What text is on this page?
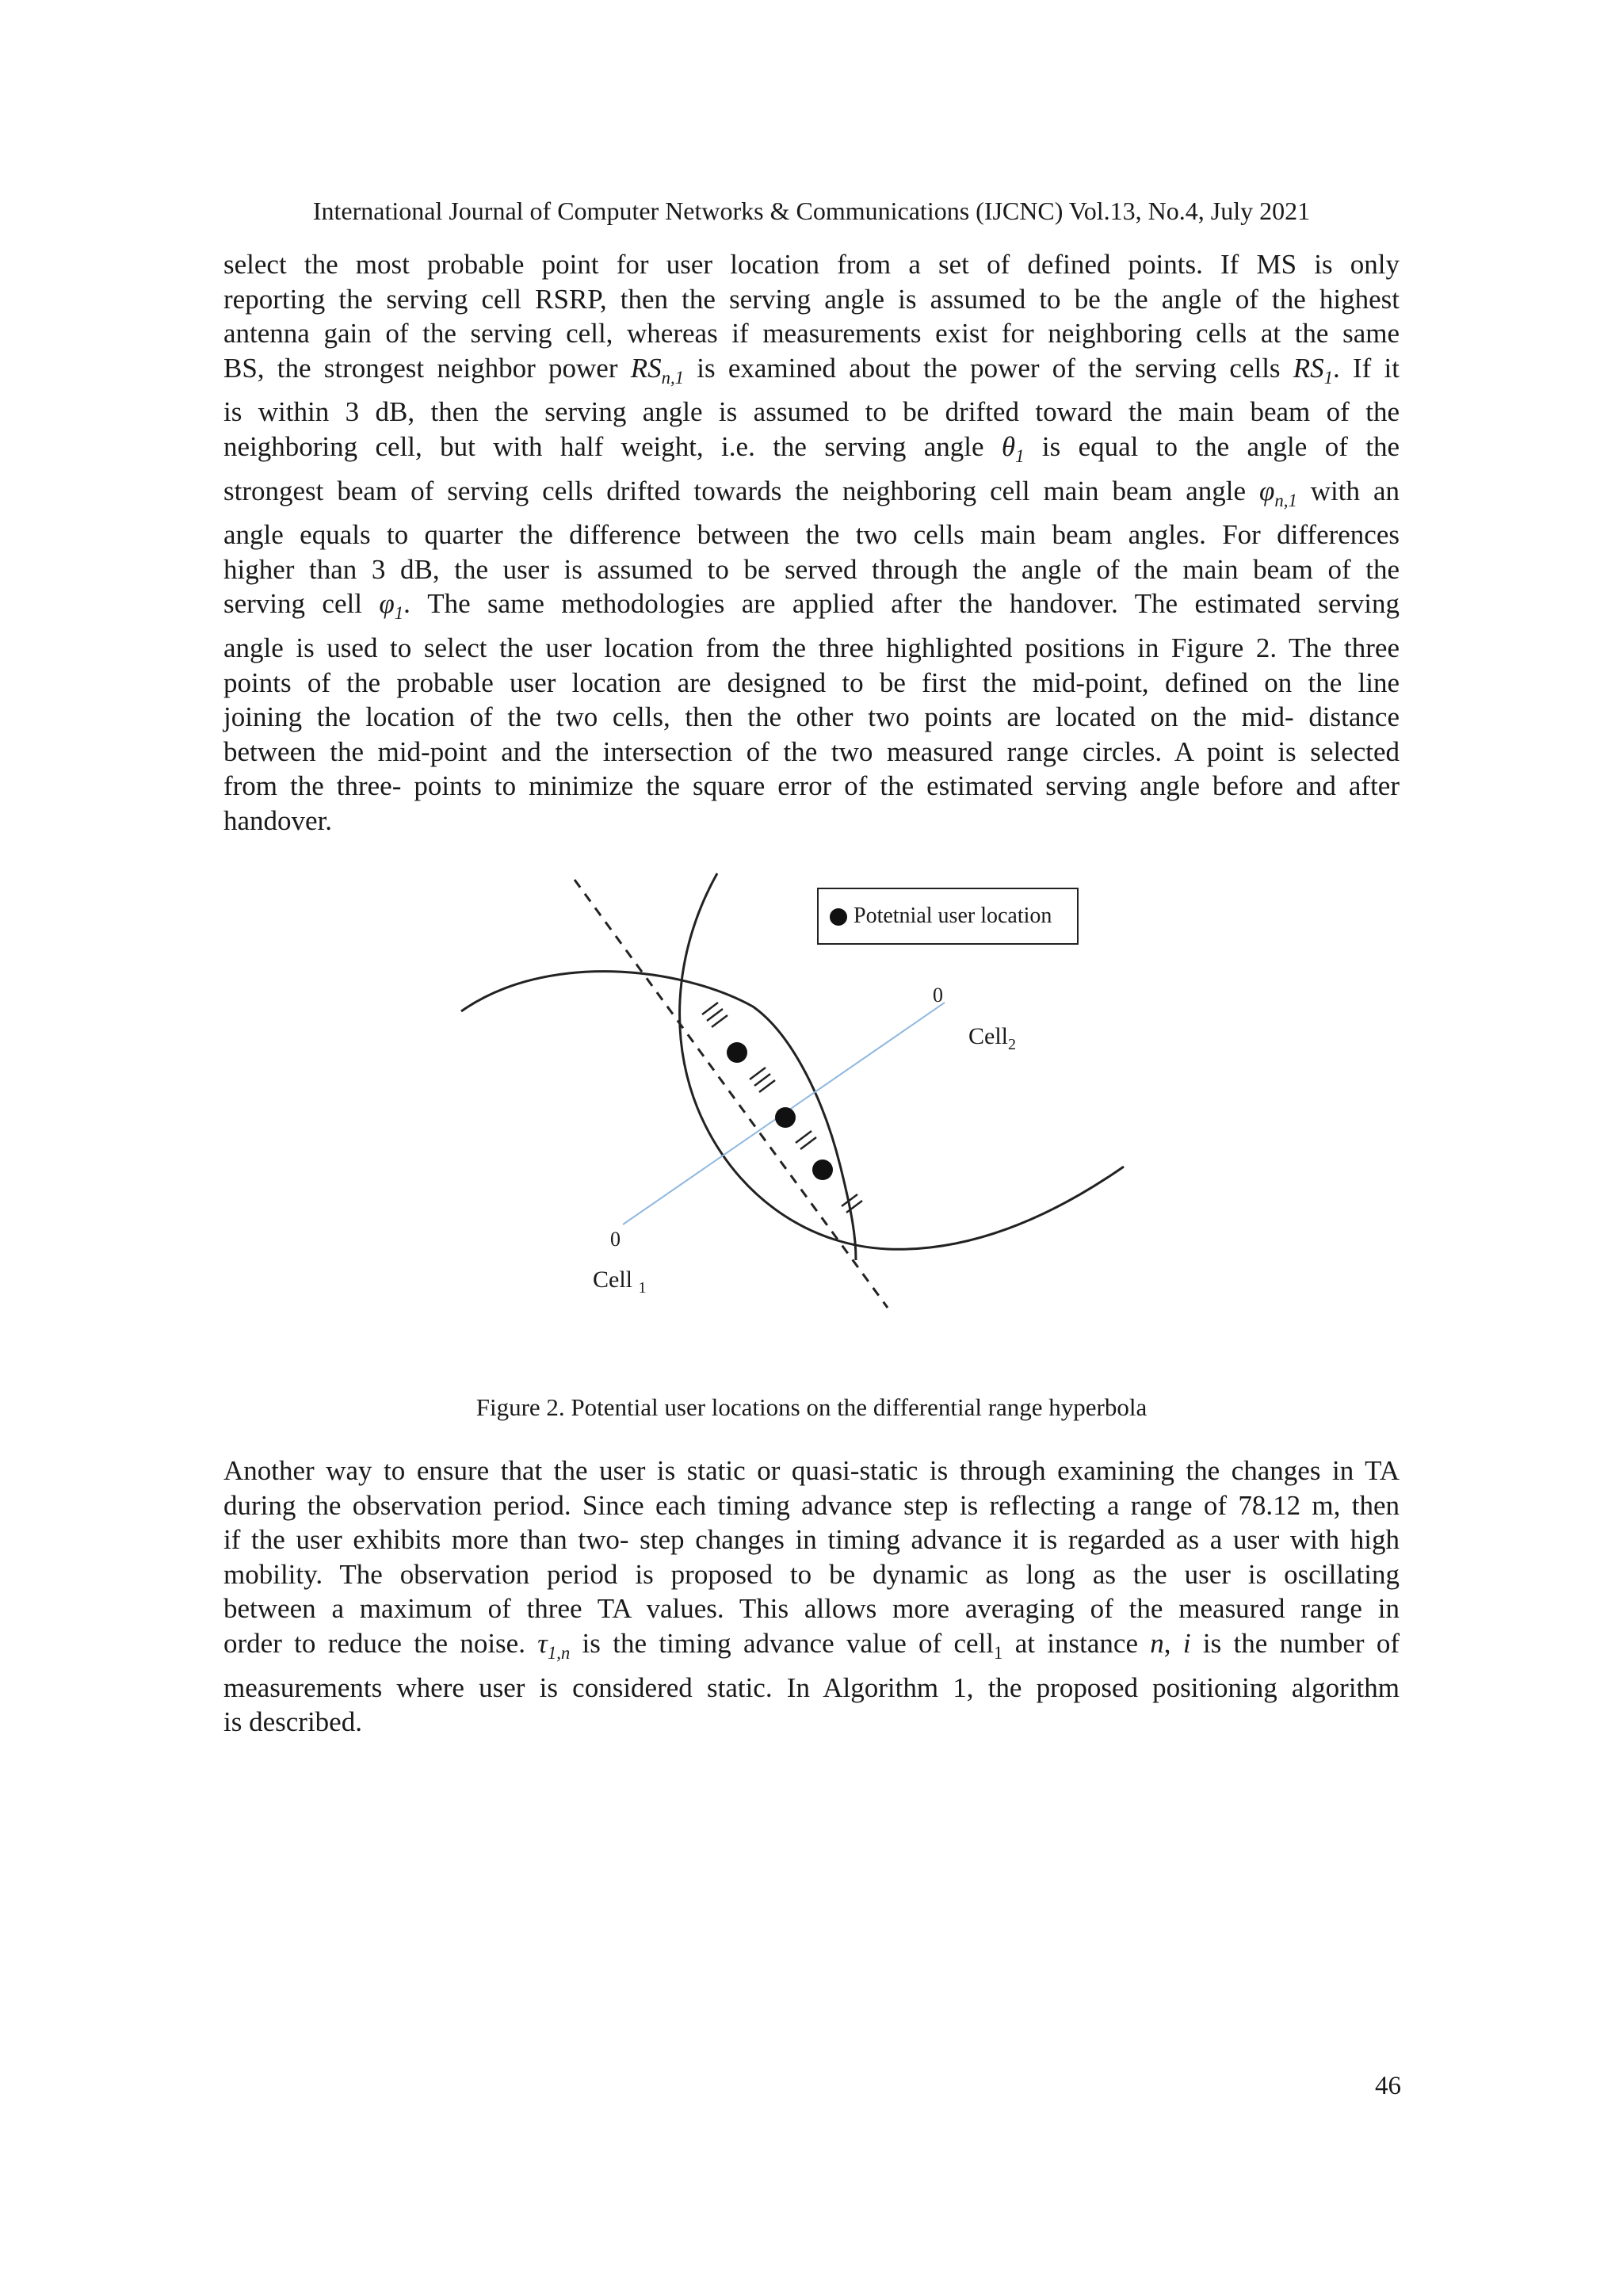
International Journal of Computer Networks & Communications (IJCNC) Vol.13, No.4, July 2021
select the most probable point for user location from a set of defined points. If MS is only
reporting the serving cell RSRP, then the serving angle is assumed to be the angle of the highest
antenna gain of the serving cell, whereas if measurements exist for neighboring cells at the same
BS, the strongest neighbor power $RS_{n,1}$ is examined about the power of the serving cells $RS_1$. If it
is within 3 dB, then the serving angle is assumed to be drifted toward the main beam of the
neighboring cell, but with half weight, i.e. the serving angle $\theta_1$ is equal to the angle of the
strongest beam of serving cells drifted towards the neighboring cell main beam angle $\varphi_{n,1}$ with an
angle equals to quarter the difference between the two cells main beam angles. For differences
higher than 3 dB, the user is assumed to be served through the angle of the main beam of the
serving cell $\varphi_1$. The same methodologies are applied after the handover. The estimated serving
angle is used to select the user location from the three highlighted positions in Figure 2. The three
points of the probable user location are designed to be first the mid-point, defined on the line
joining the location of the two cells, then the other two points are located on the mid- distance
between the mid-point and the intersection of the two measured range circles. A point is selected
from the three- points to minimize the square error of the estimated serving angle before and after
handover.
0
Cell$_2$
0
Cell $_1$
Potetnial user location
Figure 2. Potential user locations on the differential range hyperbola
Another way to ensure that the user is static or quasi-static is through examining the changes in TA
during the observation period. Since each timing advance step is reflecting a range of 78.12 m, then
if the user exhibits more than two- step changes in timing advance it is regarded as a user with high
mobility. The observation period is proposed to be dynamic as long as the user is oscillating
between a maximum of three TA values. This allows more averaging of the measured range in
order to reduce the noise. $\tau_{1,n}$ is the timing advance value of cell$_1$ at instance n, i is the number of
measurements where user is considered static. In Algorithm 1, the proposed positioning algorithm
is described.
46
